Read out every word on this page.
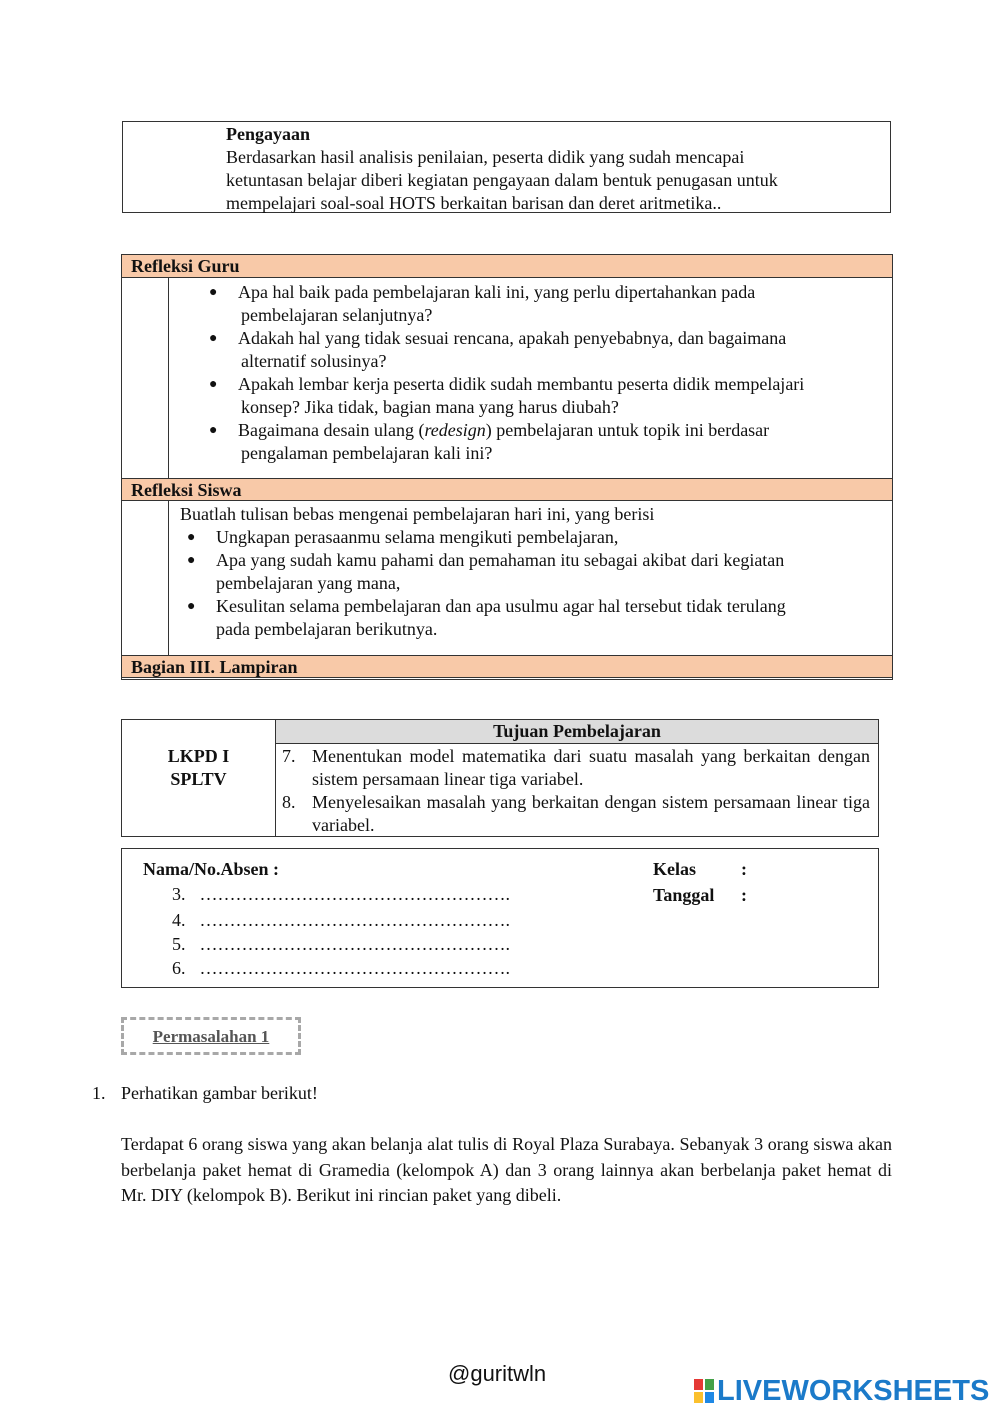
Pengayaan
Berdasarkan hasil analisis penilaian, peserta didik yang sudah mencapai
ketuntasan belajar diberi kegiatan pengayaan dalam bentuk penugasan untuk
mempelajari soal-soal HOTS berkaitan barisan dan deret aritmetika..
Refleksi Guru
●	Apa hal baik pada pembelajaran kali ini, yang perlu dipertahankan pada
pembelajaran selanjutnya?
●	Adakah hal yang tidak sesuai rencana, apakah penyebabnya, dan bagaimana
alternatif solusinya?
●	Apakah lembar kerja peserta didik sudah membantu peserta didik mempelajari
konsep? Jika tidak, bagian mana yang harus diubah?
●	Bagaimana desain ulang (redesign) pembelajaran untuk topik ini berdasar
pengalaman pembelajaran kali ini?
Refleksi Siswa
Buatlah tulisan bebas mengenai pembelajaran hari ini, yang berisi
●	Ungkapan perasaanmu selama mengikuti pembelajaran,
●	Apa yang sudah kamu pahami dan pemahaman itu sebagai akibat dari kegiatan
pembelajaran yang mana,
●	Kesulitan selama pembelajaran dan apa usulmu agar hal tersebut tidak terulang
pada pembelajaran berikutnya.
Bagian III. Lampiran
LKPD I
SPLTV
Tujuan Pembelajaran
7. Menentukan model matematika dari suatu masalah yang berkaitan dengan sistem persamaan linear tiga variabel.
8. Menyelesaikan masalah yang berkaitan dengan sistem persamaan linear tiga variabel.
Nama/No.Absen :
3. …………………………………………….
4. …………………………………………….
5. …………………………………………….
6. …………………………………………….
Kelas	:
Tanggal :
Permasalahan 1
1. Perhatikan gambar berikut!
Terdapat 6 orang siswa yang akan belanja alat tulis di Royal Plaza Surabaya. Sebanyak 3 orang siswa akan berbelanja paket hemat di Gramedia (kelompok A) dan 3 orang lainnya akan berbelanja paket hemat di Mr. DIY (kelompok B). Berikut ini rincian paket yang dibeli.
@guritwln
LIVEWORKSHEETS
